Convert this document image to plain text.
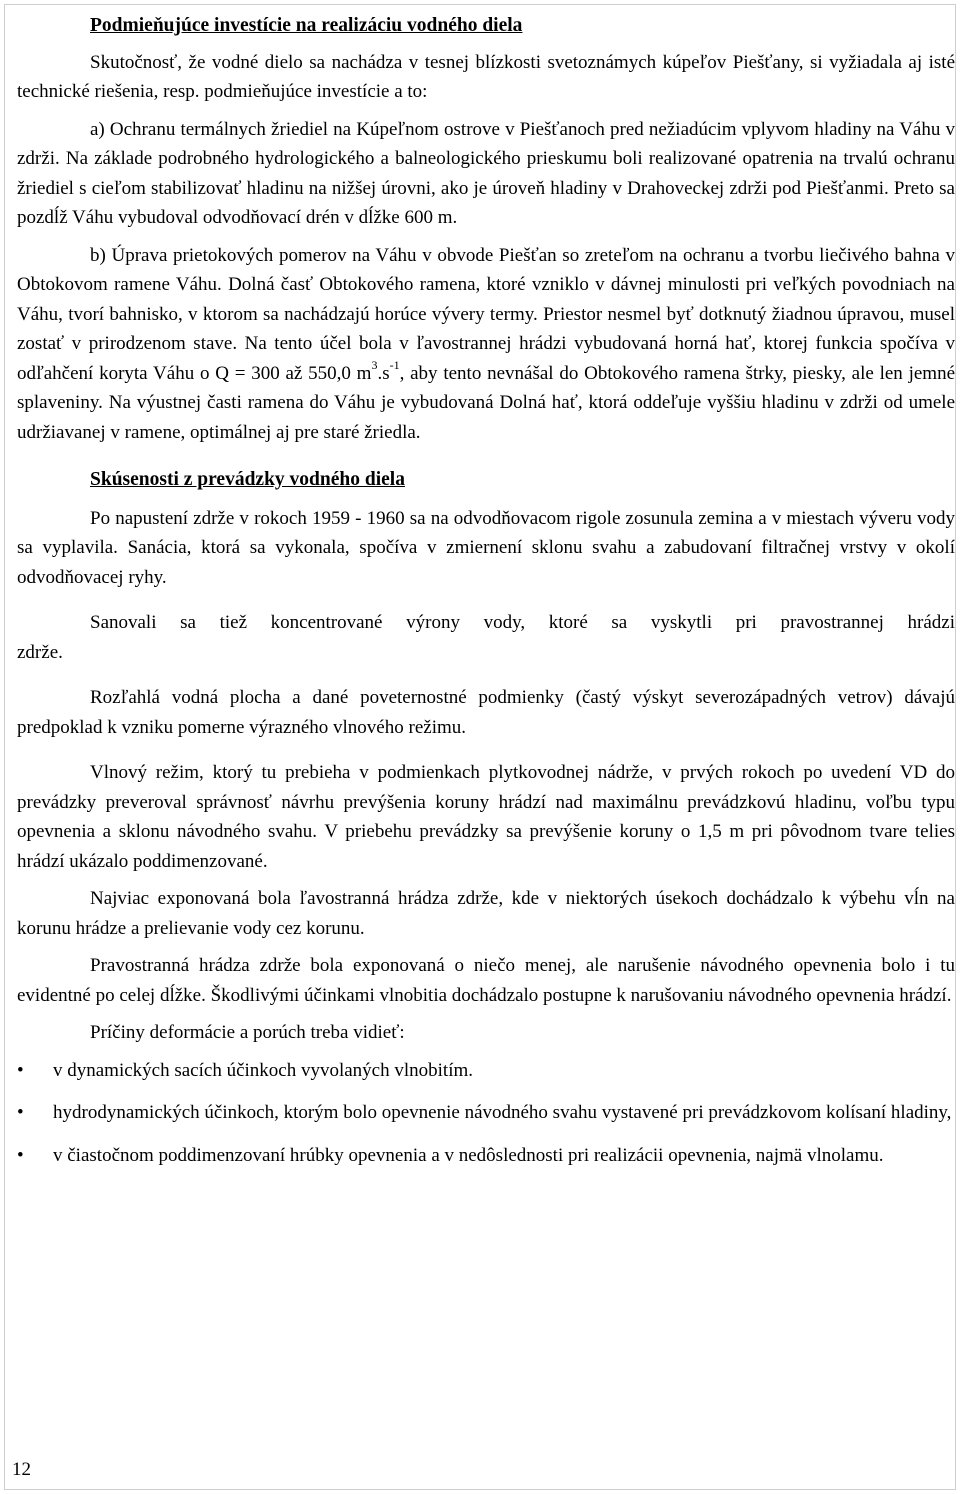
Podmieňujúce investície na realizáciu vodného diela

Skutočnosť, že vodné dielo sa nachádza v tesnej blízkosti svetoznámych kúpeľov Piešťany, si vyžiadala aj isté technické riešenia, resp. podmieňujúce investície a to:

a) Ochranu termálnych žriediel na Kúpeľnom ostrove v Piešťanoch pred nežiadúcim vplyvom hladiny na Váhu v zdrži. Na základe podrobného hydrologického a balneologického prieskumu boli realizované opatrenia na trvalú ochranu žriediel s cieľom stabilizovať hladinu na nižšej úrovni, ako je úroveň hladiny v Drahoveckej zdrži pod Piešťanmi. Preto sa pozdĺž Váhu vybudoval odvodňovací drén v dĺžke 600 m.

b) Úprava prietokových pomerov na Váhu v obvode Piešťan so zreteľom na ochranu a tvorbu liečivého bahna v Obtokovom ramene Váhu. Dolná časť Obtokového ramena, ktoré vzniklo v dávnej minulosti pri veľkých povodniach na Váhu, tvorí bahnisko, v ktorom sa nachádzajú horúce vývery termy. Priestor nesmel byť dotknutý žiadnou úpravou, musel zostať v prirodzenom stave. Na tento účel bola v ľavostrannej hrádzi vybudovaná horná hať, ktorej funkcia spočíva v odľahčení koryta Váhu o Q = 300 až 550,0 $m^3.s^{-1}$, aby tento nevnášal do Obtokového ramena štrky, piesky, ale len jemné splaveniny. Na výustnej časti ramena do Váhu je vybudovaná Dolná hať, ktorá oddeľuje vyššiu hladinu v zdrži od umele udržiavanej v ramene, optimálnej aj pre staré žriedla.

Skúsenosti z prevádzky vodného diela

Po napustení zdrže v rokoch 1959 - 1960 sa na odvodňovacom rigole zosunula zemina a v miestach výveru vody sa vyplavila. Sanácia, ktorá sa vykonala, spočíva v zmiernení sklonu svahu a zabudovaní filtračnej vrstvy v okolí odvodňovacej ryhy.

Sanovali sa tiež koncentrované výrony vody, ktoré sa vyskytli pri pravostrannej hrádzi

zdrže.

Rozľahlá vodná plocha a dané poveternostné podmienky (častý výskyt severozápadných vetrov) dávajú predpoklad k vzniku pomerne výrazného vlnového režimu.

Vlnový režim, ktorý tu prebieha v podmienkach plytkovodnej nádrže, v prvých rokoch po uvedení VD do prevádzky preveroval správnosť návrhu prevýšenia koruny hrádzí nad maximálnu prevádzkovú hladinu, voľbu typu opevnenia a sklonu návodného svahu. V priebehu prevádzky sa prevýšenie koruny o 1,5 m pri pôvodnom tvare telies hrádzí ukázalo poddimenzované.

Najviac exponovaná bola ľavostranná hrádza zdrže, kde v niektorých úsekoch dochádzalo k výbehu vĺn na korunu hrádze a prelievanie vody cez korunu.

Pravostranná hrádza zdrže bola exponovaná o niečo menej, ale narušenie návodného opevnenia bolo i tu evidentné po celej dĺžke. Škodlivými účinkami vlnobitia dochádzalo postupne k narušovaniu návodného opevnenia hrádzí.

Príčiny deformácie a porúch treba vidieť:

•	v dynamických sacích účinkoch vyvolaných vlnobitím.
•	hydrodynamických účinkoch, ktorým bolo opevnenie návodného svahu vystavené pri prevádzkovom kolísaní hladiny,
•	v čiastočnom poddimenzovaní hrúbky opevnenia a v nedôslednosti pri realizácii opevnenia, najmä vlnolamu.
12
